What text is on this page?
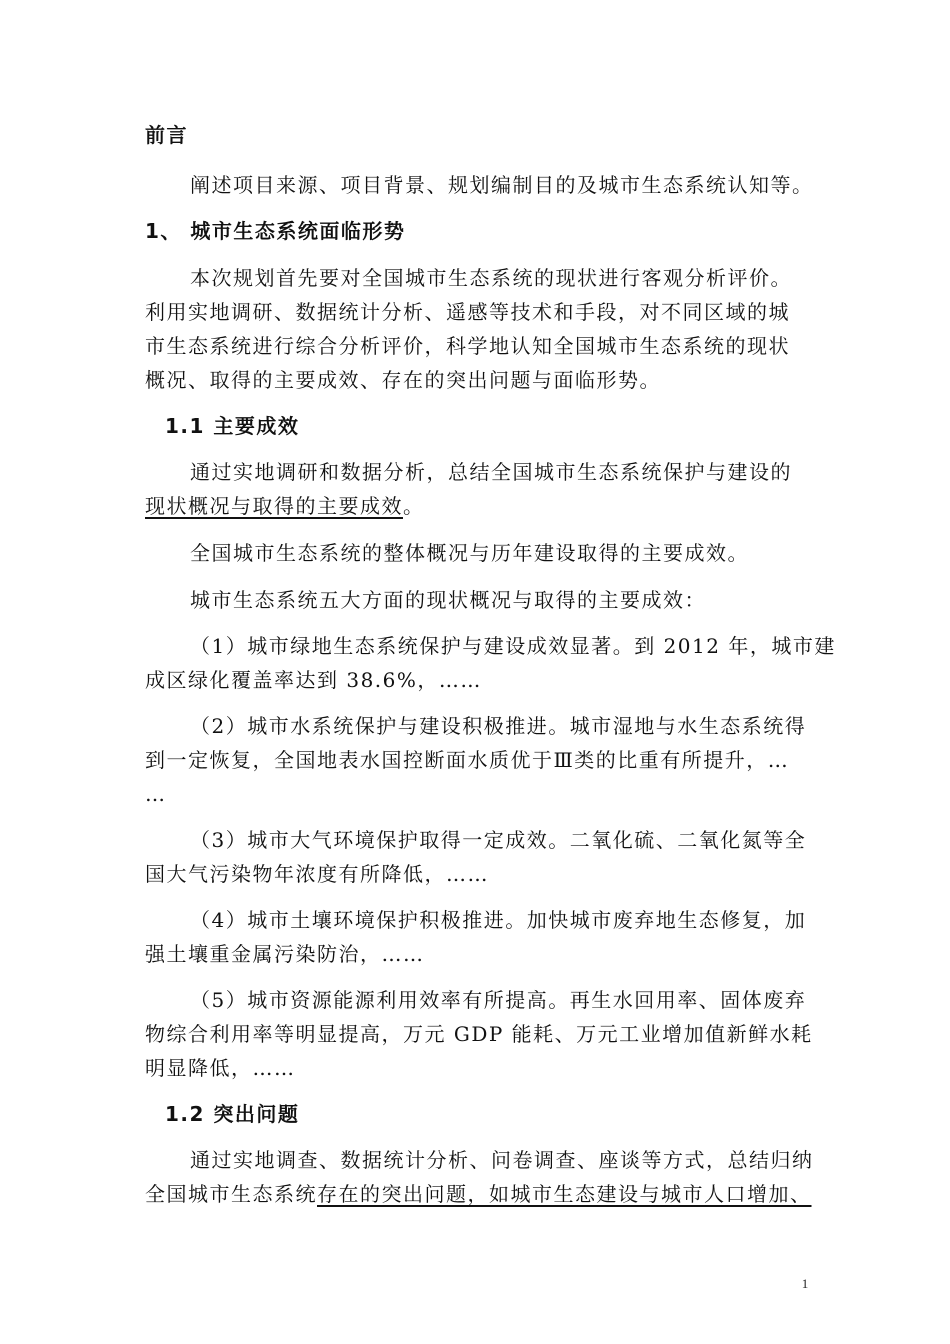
前言
阐述项目来源、项目背景、规划编制目的及城市生态系统认知等。
1、 城市生态系统面临形势
本次规划首先要对全国城市生态系统的现状进行客观分析评价。
利用实地调研、数据统计分析、遥感等技术和手段，对不同区域的城
市生态系统进行综合分析评价，科学地认知全国城市生态系统的现状
概况、取得的主要成效、存在的突出问题与面临形势。
1.1 主要成效
通过实地调研和数据分析，总结全国城市生态系统保护与建设的
现状概况与取得的主要成效。
全国城市生态系统的整体概况与历年建设取得的主要成效。
城市生态系统五大方面的现状概况与取得的主要成效：
（1）城市绿地生态系统保护与建设成效显著。到 2012 年，城市建
成区绿化覆盖率达到 38.6%，……
（2）城市水系统保护与建设积极推进。城市湿地与水生态系统得
到一定恢复，全国地表水国控断面水质优于Ⅲ类的比重有所提升，…
…
（3）城市大气环境保护取得一定成效。二氧化硫、二氧化氮等全
国大气污染物年浓度有所降低，……
（4）城市土壤环境保护积极推进。加快城市废弃地生态修复，加
强土壤重金属污染防治，……
（5）城市资源能源利用效率有所提高。再生水回用率、固体废弃
物综合利用率等明显提高，万元 GDP 能耗、万元工业增加值新鲜水耗
明显降低，……
1.2 突出问题
通过实地调查、数据统计分析、问卷调查、座谈等方式，总结归纳
全国城市生态系统存在的突出问题，如城市生态建设与城市人口增加、
1
